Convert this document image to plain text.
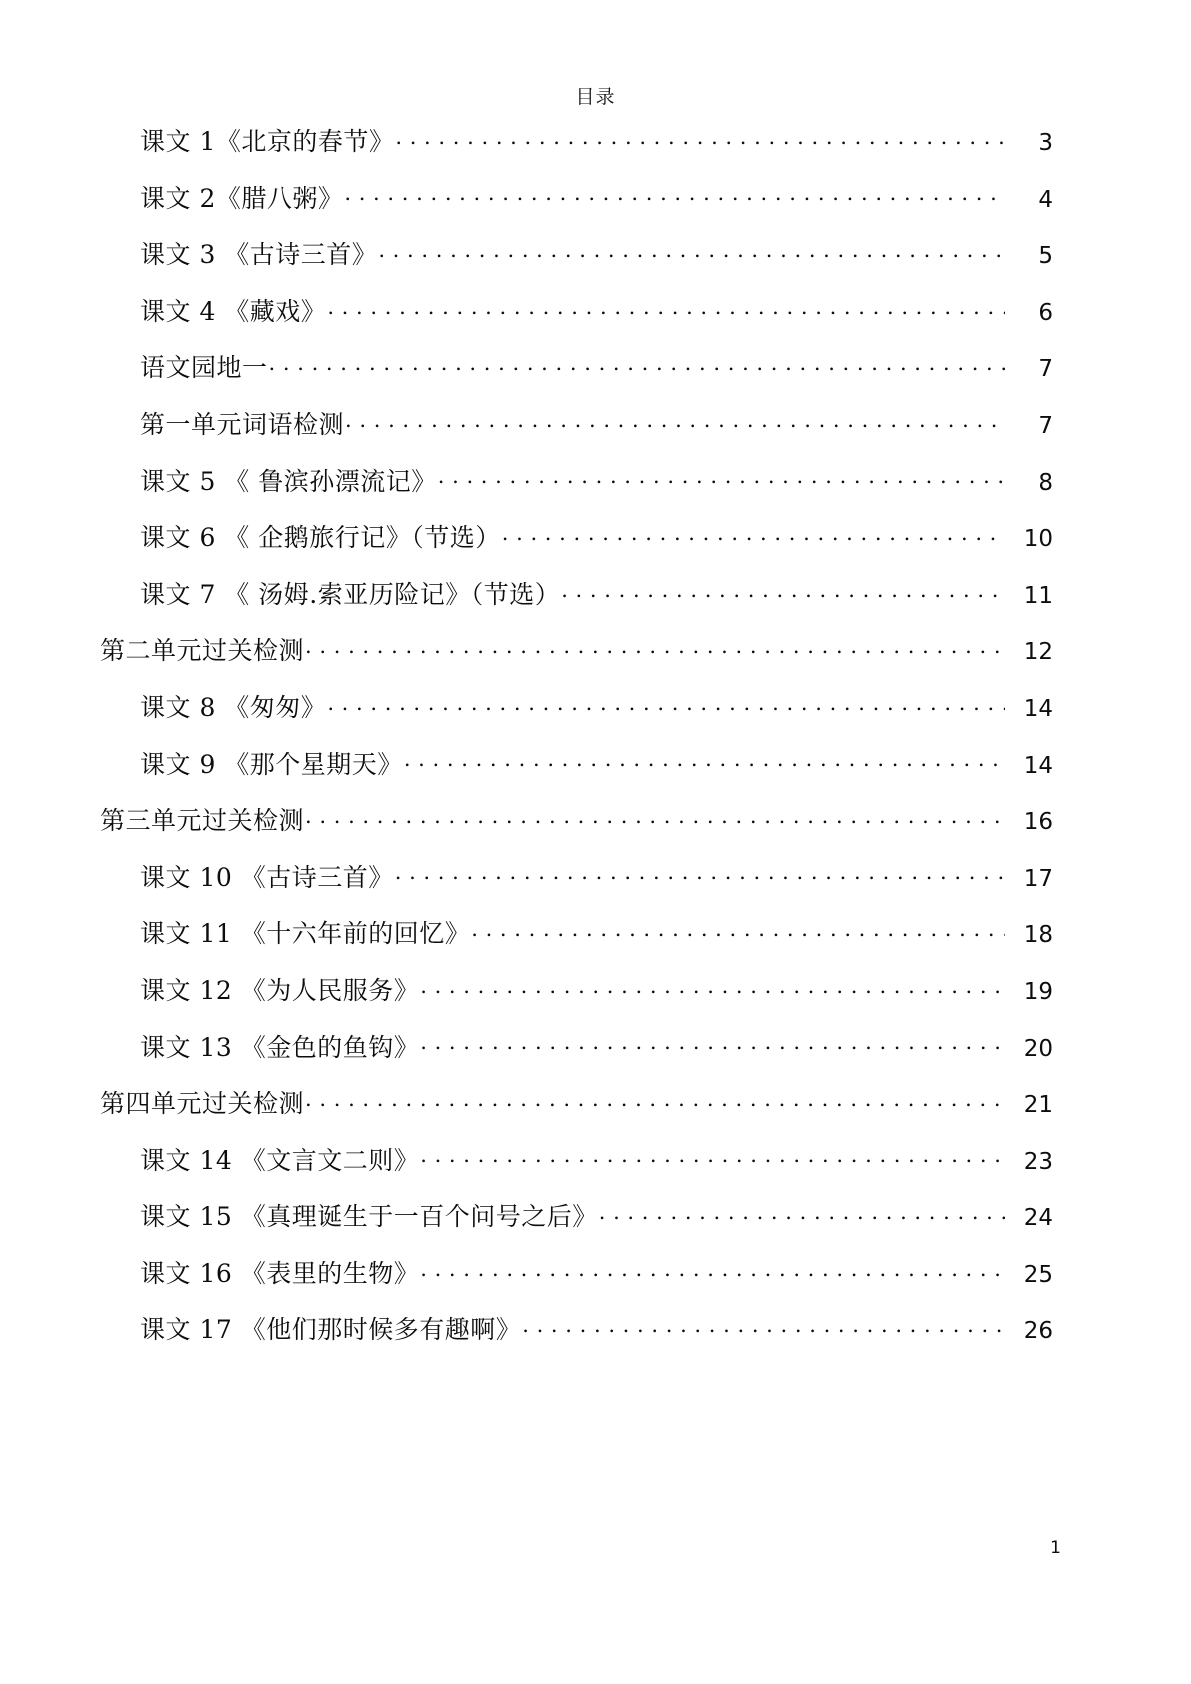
目录
课文 1《北京的春节》 . . .	3
课文 2《腊八粥》 . . .	4
课文 3 《古诗三首》 . . .	5
课文 4 《藏戏》 . . .	6
语文园地一 . . .	7
第一单元词语检测 . . .	7
课文 5 《 鲁滨孙漂流记》 . . .	8
课文 6 《 企鹅旅行记》（节选） . . .	10
课文 7 《 汤姆.索亚历险记》（节选） . . .	11
第二单元过关检测 . . .	12
课文 8 《匆匆》 . . .	14
课文 9 《那个星期天》 . . .	14
第三单元过关检测 . . .	16
课文 10 《古诗三首》 . . .	17
课文 11 《十六年前的回忆》 . . .	18
课文 12 《为人民服务》 . . .	19
课文 13 《金色的鱼钩》 . . .	20
第四单元过关检测 . . .	21
课文 14 《文言文二则》 . . .	23
课文 15 《真理诞生于一百个问号之后》 . . .	24
课文 16 《表里的生物》 . . .	25
课文 17 《他们那时候多有趣啊》 . . .	26
1
